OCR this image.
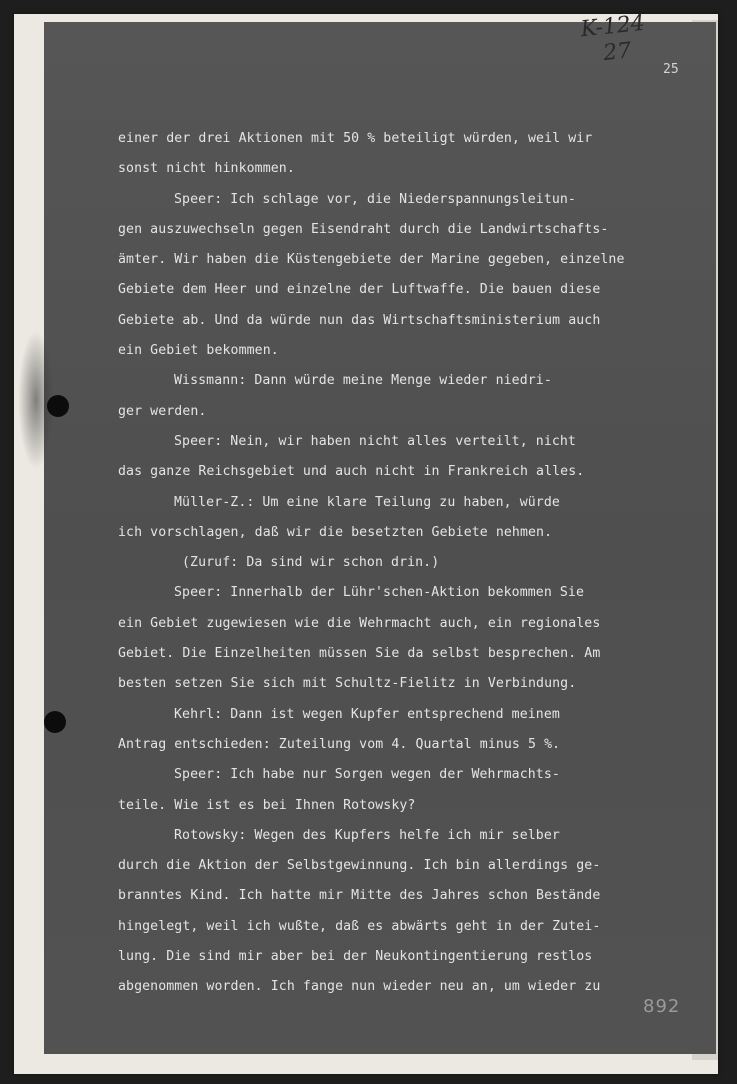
K-124
27
25
einer der drei Aktionen mit 50 % beteiligt würden, weil wir
sonst nicht hinkommen.
Speer: Ich schlage vor, die Niederspannungsleitun-
gen auszuwechseln gegen Eisendraht durch die Landwirtschafts-
ämter. Wir haben die Küstengebiete der Marine gegeben, einzelne
Gebiete dem Heer und einzelne der Luftwaffe. Die bauen diese
Gebiete ab. Und da würde nun das Wirtschaftsministerium auch
ein Gebiet bekommen.
Wissmann: Dann würde meine Menge wieder niedri-
ger werden.
Speer: Nein, wir haben nicht alles verteilt, nicht
das ganze Reichsgebiet und auch nicht in Frankreich alles.
Müller-Z.: Um eine klare Teilung zu haben, würde
ich vorschlagen, daß wir die besetzten Gebiete nehmen.
(Zuruf: Da sind wir schon drin.)
Speer: Innerhalb der Lühr'schen-Aktion bekommen Sie
ein Gebiet zugewiesen wie die Wehrmacht auch, ein regionales
Gebiet. Die Einzelheiten müssen Sie da selbst besprechen. Am
besten setzen Sie sich mit Schultz-Fielitz in Verbindung.
Kehrl: Dann ist wegen Kupfer entsprechend meinem
Antrag entschieden: Zuteilung vom 4. Quartal minus 5 %.
Speer: Ich habe nur Sorgen wegen der Wehrmachts-
teile. Wie ist es bei Ihnen Rotowsky?
Rotowsky: Wegen des Kupfers helfe ich mir selber
durch die Aktion der Selbstgewinnung. Ich bin allerdings ge-
branntes Kind. Ich hatte mir Mitte des Jahres schon Bestände
hingelegt, weil ich wußte, daß es abwärts geht in der Zutei-
lung. Die sind mir aber bei der Neukontingentierung restlos
abgenommen worden. Ich fange nun wieder neu an, um wieder zu
892
